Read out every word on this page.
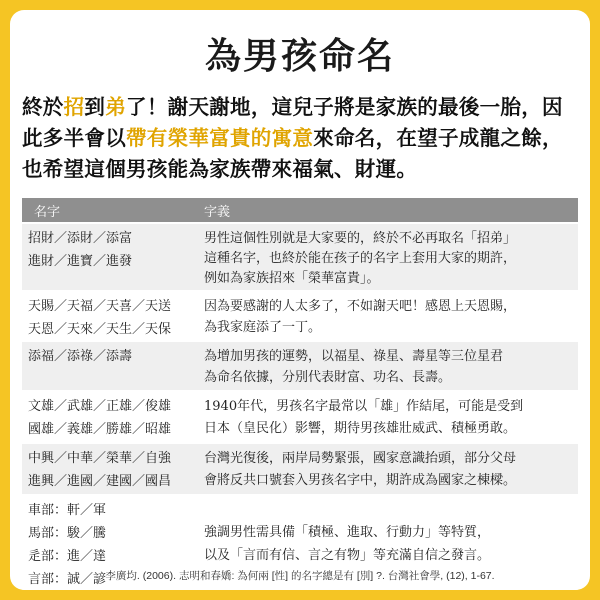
為男孩命名
終於招到弟了！謝天謝地，這兒子將是家族的最後一胎，因此多半會以帶有榮華富貴的寓意來命名，在望子成龍之餘，也希望這個男孩能為家族帶來福氣、財運。
名字	字義
招財／添財／添富
進財／進寶／進發
男性這個性別就是大家要的，終於不必再取名「招弟」
這種名字，也終於能在孩子的名字上套用大家的期許，
例如為家族招來「榮華富貴」。
天賜／天福／天喜／天送
天恩／天來／天生／天保
因為要感謝的人太多了，不如謝天吧！感恩上天恩賜，
為我家庭添了一丁。
添福／添祿／添壽	為增加男孩的運勢，以福星、祿星、壽星等三位星君
為命名依據，分別代表財富、功名、長壽。
文雄／武雄／正雄／俊雄
國雄／義雄／勝雄／昭雄
1940年代，男孩名字最常以「雄」作結尾，可能是受到
日本（皇民化）影響，期待男孩雄壯威武、積極勇敢。
中興／中華／榮華／自強
進興／進國／建國／國昌
台灣光復後，兩岸局勢緊張，國家意識抬頭，部分父母
會將反共口號套入男孩名字中，期許成為國家之棟樑。
車部：軒／軍
馬部：駿／騰
辵部：進／達
言部：誠／諺
強調男性需具備「積極、進取、行動力」等特質，
以及「言而有信、言之有物」等充滿自信之發言。
李廣均. (2006). 志明和春嬌: 為何兩 [性] 的名字總是有 [別] ?. 台灣社會學, (12), 1-67.
